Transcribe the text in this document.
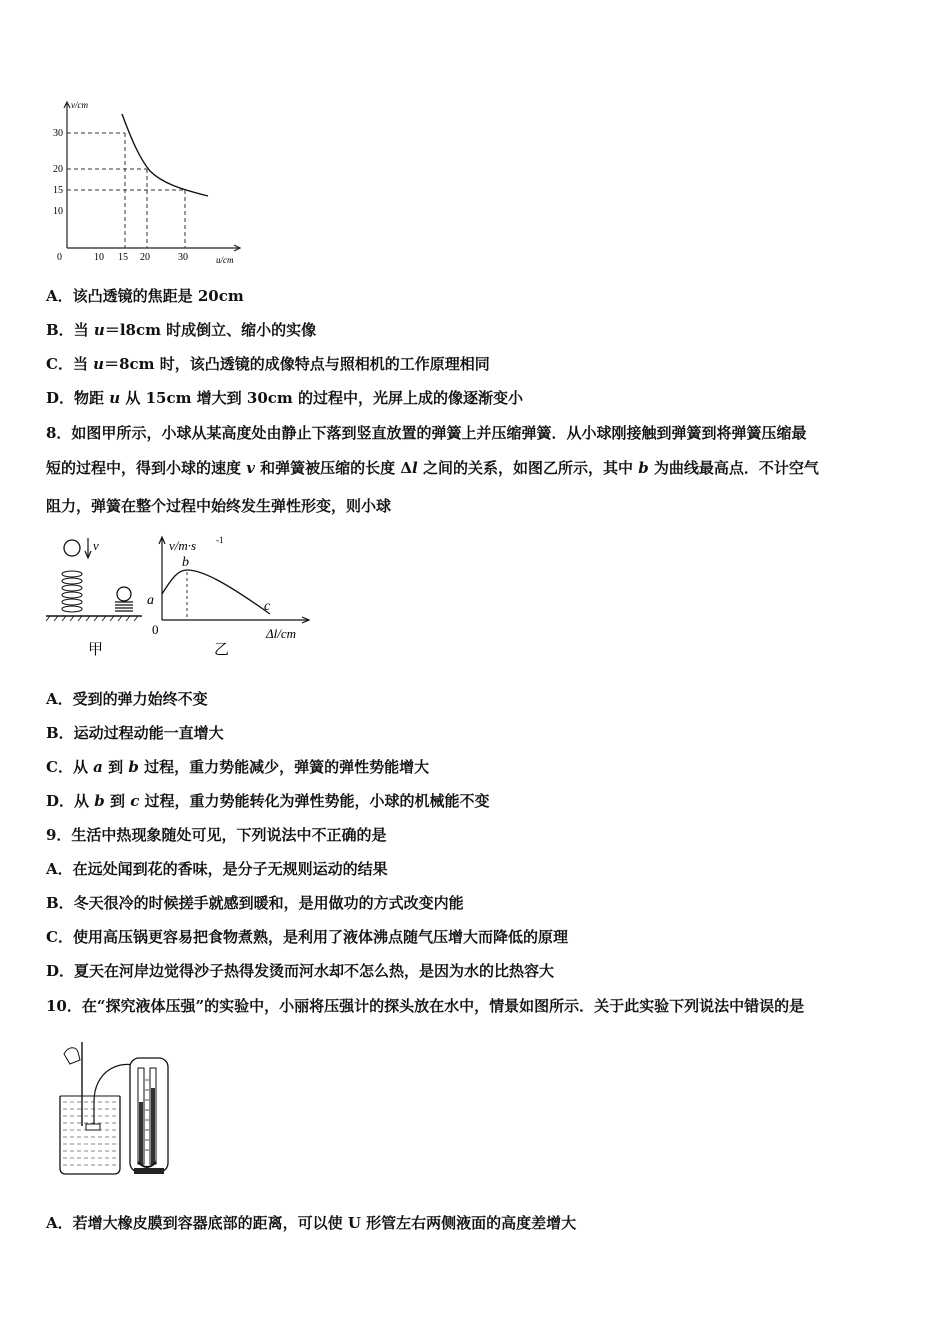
v/cm
u/cm
0
30
20
15
10
10 15 20	30
A．该凸透镜的焦距是 20cm
B．当 u＝l8cm 时成倒立、缩小的实像
C．当 u＝8cm 时，该凸透镜的成像特点与照相机的工作原理相同
D．物距 u 从 15cm 增大到 30cm 的过程中，光屏上成的像逐渐变小
8．如图甲所示，小球从某高度处由静止下落到竖直放置的弹簧上并压缩弹簧．从小球刚接触到弹簧到将弹簧压缩最
短的过程中，得到小球的速度 v 和弹簧被压缩的长度 Δl 之间的关系，如图乙所示，其中 b 为曲线最高点．不计空气
阻力，弹簧在整个过程中始终发生弹性形变，则小球
v
甲
v/m·s -1
a
b
c
0	Δl/cm
乙
A．受到的弹力始终不变
B．运动过程动能一直增大
C．从 a 到 b 过程，重力势能减少，弹簧的弹性势能增大
D．从 b 到 c 过程，重力势能转化为弹性势能，小球的机械能不变
9．生活中热现象随处可见，下列说法中不正确的是
A．在远处闻到花的香味，是分子无规则运动的结果
B．冬天很冷的时候搓手就感到暖和，是用做功的方式改变内能
C．使用高压锅更容易把食物煮熟，是利用了液体沸点随气压增大而降低的原理
D．夏天在河岸边觉得沙子热得发烫而河水却不怎么热，是因为水的比热容大
10．在“探究液体压强”的实验中，小丽将压强计的探头放在水中，情景如图所示．关于此实验下列说法中错误的是
A．若增大橡皮膜到容器底部的距离，可以使 U 形管左右两侧液面的高度差增大
